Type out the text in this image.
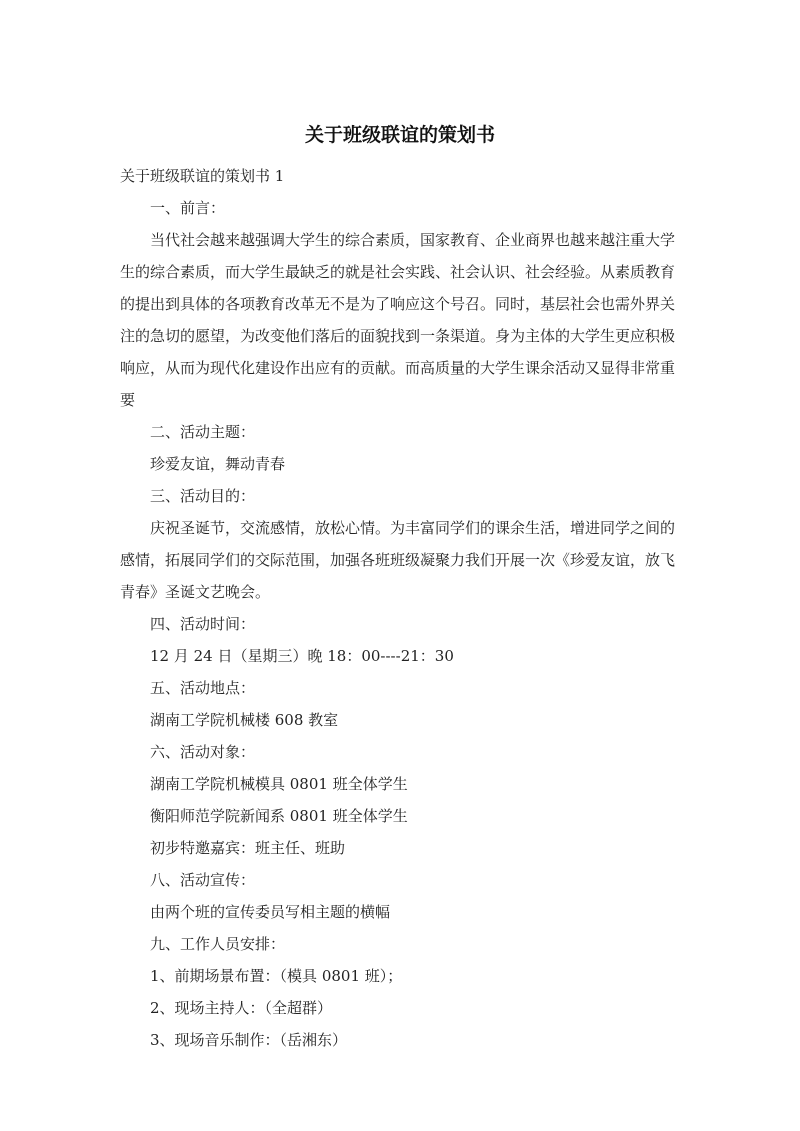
关于班级联谊的策划书
关于班级联谊的策划书 1
一、前言：
当代社会越来越强调大学生的综合素质，国家教育、企业商界也越来越注重大学生的综合素质，而大学生最缺乏的就是社会实践、社会认识、社会经验。从素质教育的提出到具体的各项教育改革无不是为了响应这个号召。同时，基层社会也需外界关注的急切的愿望，为改变他们落后的面貌找到一条渠道。身为主体的大学生更应积极响应，从而为现代化建设作出应有的贡献。而高质量的大学生课余活动又显得非常重要
二、活动主题：
珍爱友谊，舞动青春
三、活动目的：
庆祝圣诞节，交流感情，放松心情。为丰富同学们的课余生活，增进同学之间的感情，拓展同学们的交际范围，加强各班班级凝聚力我们开展一次《珍爱友谊，放飞青春》圣诞文艺晚会。
四、活动时间：
12 月 24 日（星期三）晚 18：00----21：30
五、活动地点：
湖南工学院机械楼 608 教室
六、活动对象：
湖南工学院机械模具 0801 班全体学生
衡阳师范学院新闻系 0801 班全体学生
初步特邀嘉宾：班主任、班助
八、活动宣传：
由两个班的宣传委员写相主题的横幅
九、工作人员安排：
1、前期场景布置：（模具 0801 班）；
2、现场主持人：（全超群）
3、现场音乐制作：（岳湘东）
